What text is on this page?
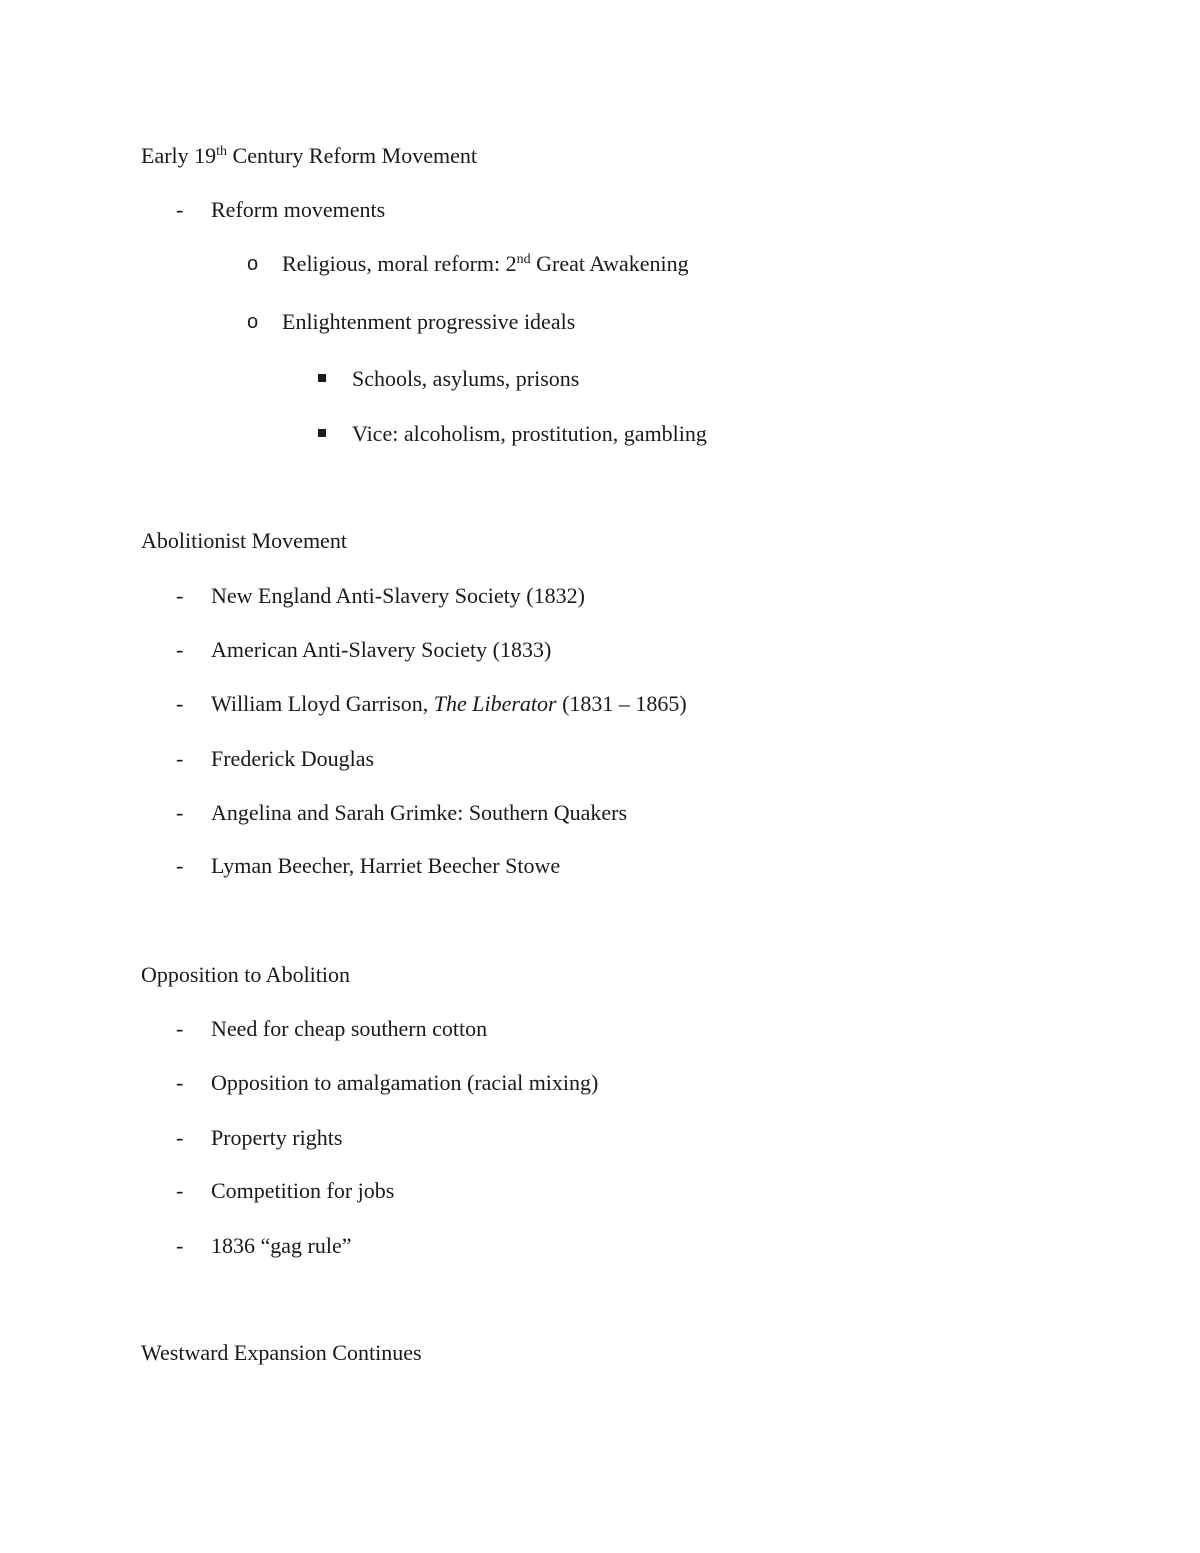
Early 19th Century Reform Movement
- Reform movements
o Religious, moral reform: 2nd Great Awakening
o Enlightenment progressive ideals
Schools, asylums, prisons
Vice: alcoholism, prostitution, gambling
Abolitionist Movement
- New England Anti-Slavery Society (1832)
- American Anti-Slavery Society (1833)
- William Lloyd Garrison, The Liberator (1831 – 1865)
- Frederick Douglas
- Angelina and Sarah Grimke: Southern Quakers
- Lyman Beecher, Harriet Beecher Stowe
Opposition to Abolition
- Need for cheap southern cotton
- Opposition to amalgamation (racial mixing)
- Property rights
- Competition for jobs
- 1836 “gag rule”
Westward Expansion Continues
